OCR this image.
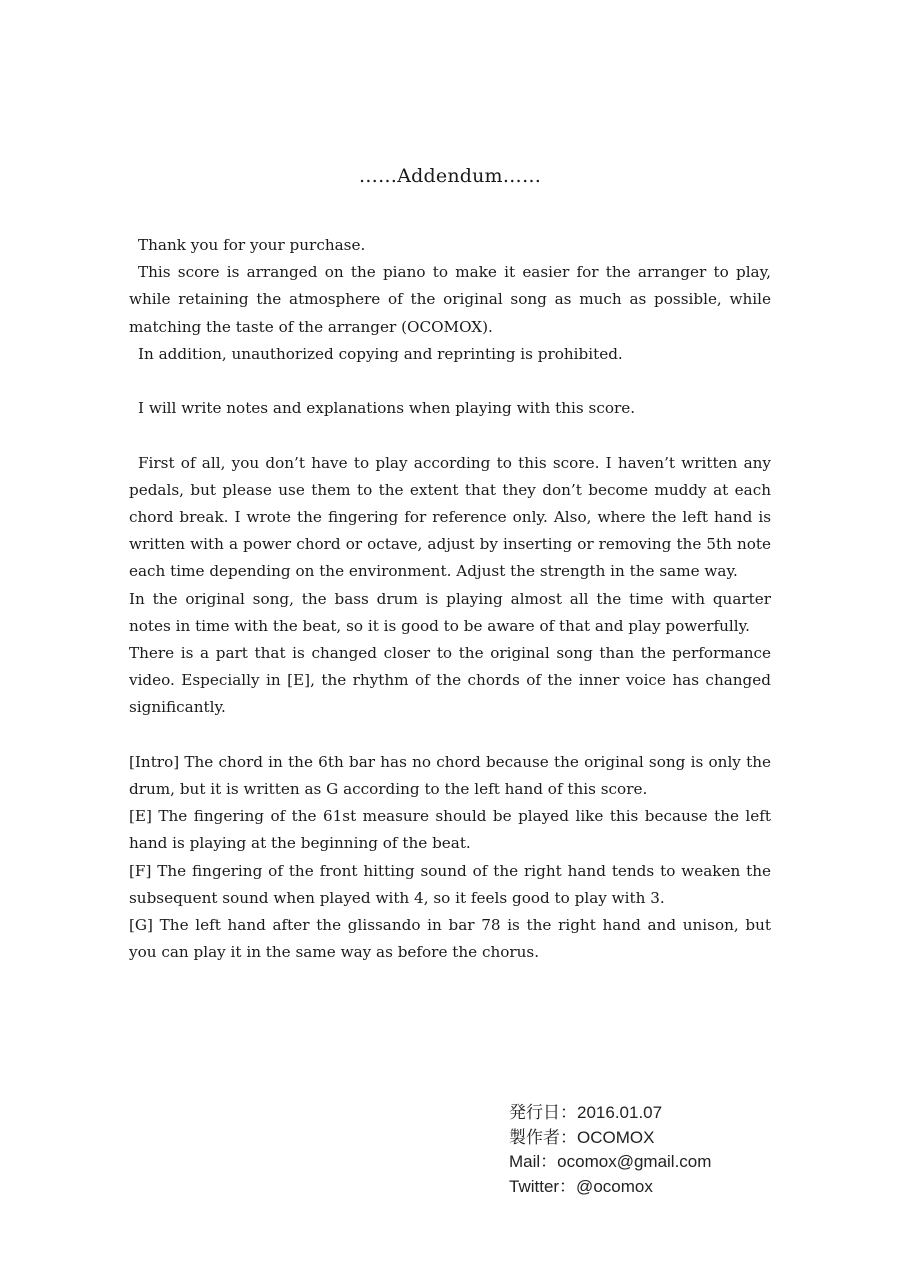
……Addendum……

Thank you for your purchase.

This score is arranged on the piano to make it easier for the arranger to play, while retaining the atmosphere of the original song as much as possible, while matching the taste of the arranger (OCOMOX).

In addition, unauthorized copying and reprinting is prohibited.

I will write notes and explanations when playing with this score.

First of all, you don’t have to play according to this score. I haven’t written any pedals, but please use them to the extent that they don’t become muddy at each chord break. I wrote the fingering for reference only. Also, where the left hand is written with a power chord or octave, adjust by inserting or removing the 5th note each time depending on the environment. Adjust the strength in the same way.

In the original song, the bass drum is playing almost all the time with quarter notes in time with the beat, so it is good to be aware of that and play powerfully.

There is a part that is changed closer to the original song than the performance video. Especially in [E], the rhythm of the chords of the inner voice has changed significantly.

[Intro] The chord in the 6th bar has no chord because the original song is only the drum, but it is written as G according to the left hand of this score.

[E] The fingering of the 61st measure should be played like this because the left hand is playing at the beginning of the beat.

[F] The fingering of the front hitting sound of the right hand tends to weaken the subsequent sound when played with 4, so it feels good to play with 3.

[G] The left hand after the glissando in bar 78 is the right hand and unison, but you can play it in the same way as before the chorus.

発行日：2016.01.07
製作者：OCOMOX
Mail：ocomox@gmail.com
Twitter：@ocomox
